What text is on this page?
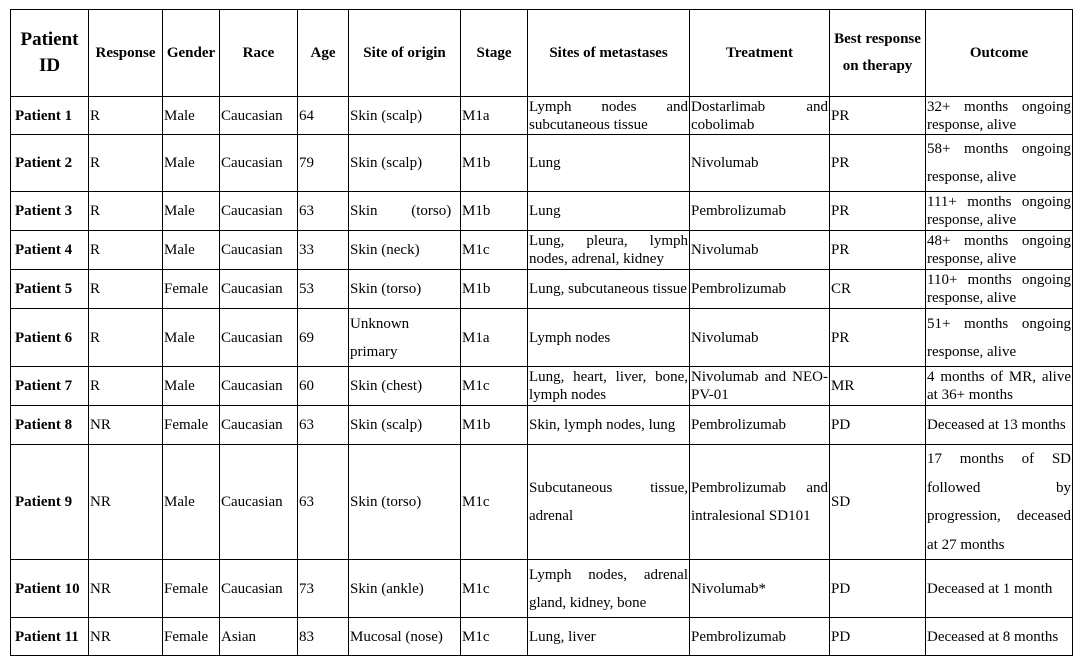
Patient ID	Response	Gender	Race	Age	Site of origin	Stage	Sites of metastases	Treatment	Best response on therapy	Outcome
Patient 1	R	Male	Caucasian	64	Skin (scalp)	M1a	Lymph nodes and subcutaneous tissue	Dostarlimab and cobolimab	PR	32+ months ongoing response, alive
Patient 2	R	Male	Caucasian	79	Skin (scalp)	M1b	Lung	Nivolumab	PR	58+ months ongoing response, alive
Patient 3	R	Male	Caucasian	63	Skin (torso)	M1b	Lung	Pembrolizumab	PR	111+ months ongoing response, alive
Patient 4	R	Male	Caucasian	33	Skin (neck)	M1c	Lung, pleura, lymph nodes, adrenal, kidney	Nivolumab	PR	48+ months ongoing response, alive
Patient 5	R	Female	Caucasian	53	Skin (torso)	M1b	Lung, subcutaneous tissue	Pembrolizumab	CR	110+ months ongoing response, alive
Patient 6	R	Male	Caucasian	69	Unknown primary	M1a	Lymph nodes	Nivolumab	PR	51+ months ongoing response, alive
Patient 7	R	Male	Caucasian	60	Skin (chest)	M1c	Lung, heart, liver, bone, lymph nodes	Nivolumab and NEO-PV-01	MR	4 months of MR, alive at 36+ months
Patient 8	NR	Female	Caucasian	63	Skin (scalp)	M1b	Skin, lymph nodes, lung	Pembrolizumab	PD	Deceased at 13 months
Patient 9	NR	Male	Caucasian	63	Skin (torso)	M1c	Subcutaneous tissue, adrenal	Pembrolizumab and intralesional SD101	SD	17 months of SD followed by progression, deceased at 27 months
Patient 10	NR	Female	Caucasian	73	Skin (ankle)	M1c	Lymph nodes, adrenal gland, kidney, bone	Nivolumab*	PD	Deceased at 1 month
Patient 11	NR	Female	Asian	83	Mucosal (nose)	M1c	Lung, liver	Pembrolizumab	PD	Deceased at 8 months
